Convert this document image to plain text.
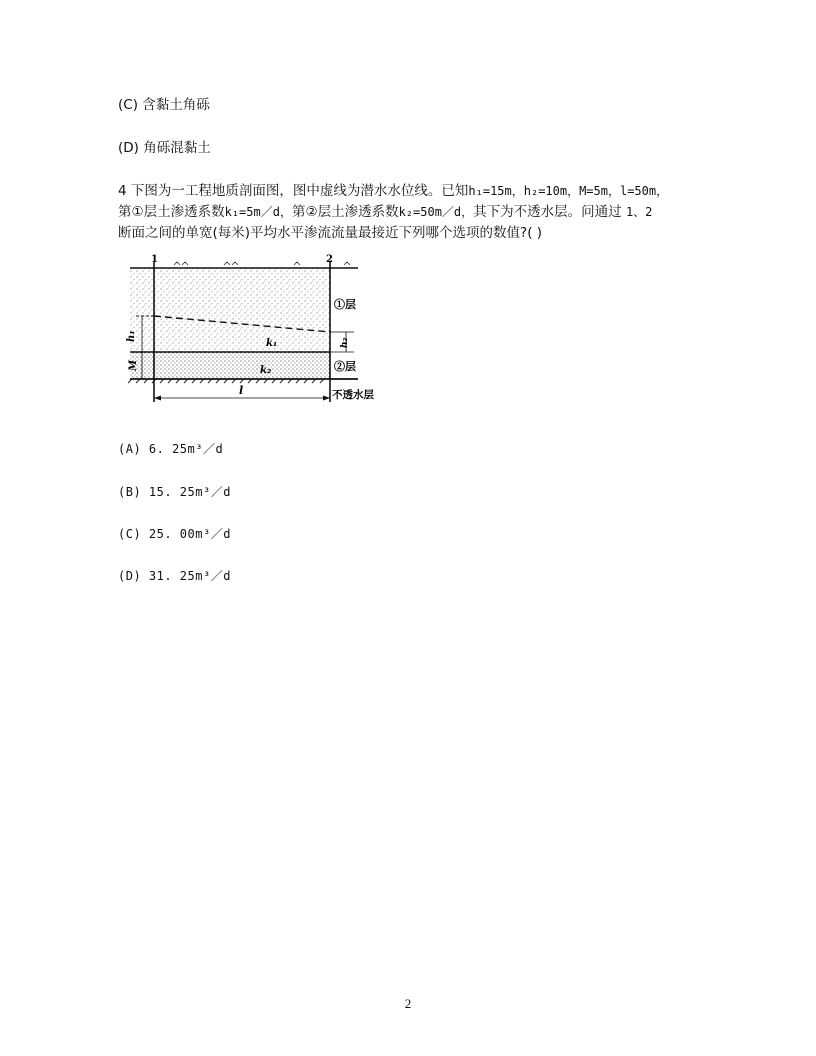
(C) 含黏土角砾
(D) 角砾混黏土
4 下图为一工程地质剖面图，图中虚线为潜水水位线。已知h₁=15m，h₂=10m，M=5m，l=50m，
第①层土渗透系数k₁=5m／d，第②层土渗透系数k₂=50m／d，其下为不透水层。问通过 1、2
断面之间的单宽(每米)平均水平渗流流量最接近下列哪个选项的数值?( )
1	2
①层
②层
h₁
M
h₂
k₁
k₂
l	不透水层
(A) 6. 25m³／d
(B) 15. 25m³／d
(C) 25. 00m³／d
(D) 31. 25m³／d
2
